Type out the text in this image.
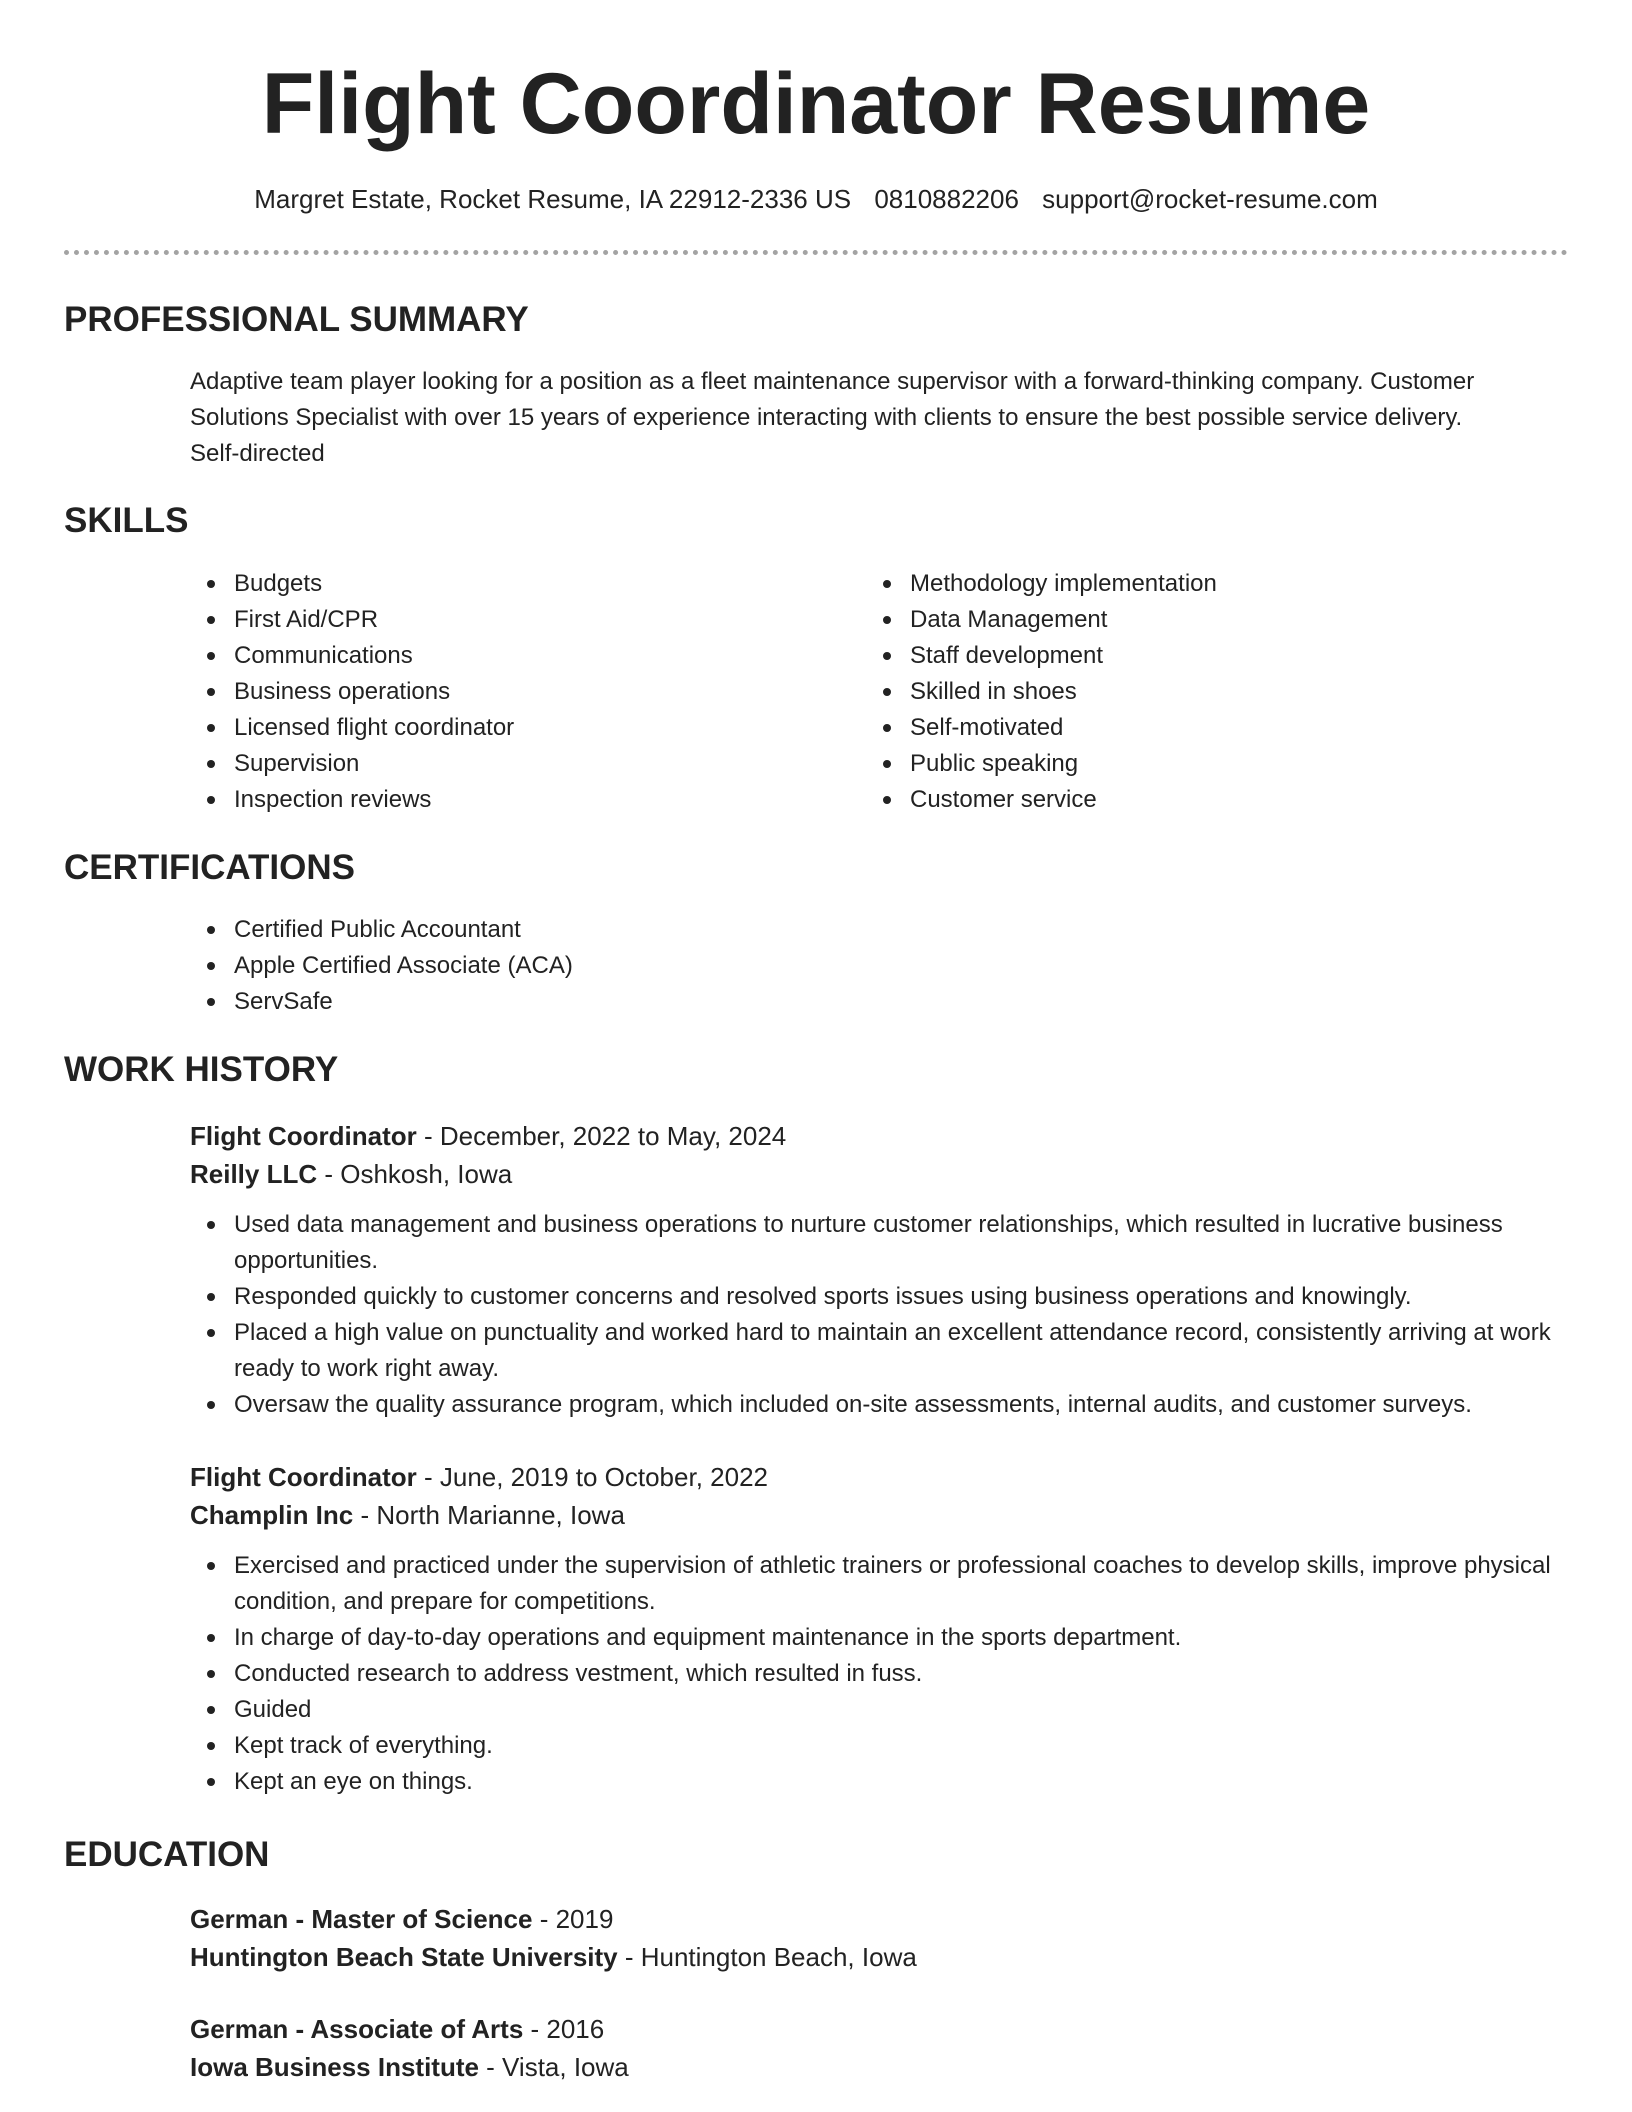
Flight Coordinator Resume
Margret Estate, Rocket Resume, IA 22912-2336 US 0810882206 support@rocket-resume.com
PROFESSIONAL SUMMARY

Adaptive team player looking for a position as a fleet maintenance supervisor with a forward-thinking company. Customer

Solutions Specialist with over 15 years of experience interacting with clients to ensure the best possible service delivery.

Self-directed

SKILLS
Budgets
First Aid/CPR
Communications
Business operations
Licensed flight coordinator
Supervision
Inspection reviews
Methodology implementation
Data Management
Staff development
Skilled in shoes
Self-motivated
Public speaking
Customer service
CERTIFICATIONS
Certified Public Accountant
Apple Certified Associate (ACA)
ServSafe
WORK HISTORY

Flight Coordinator - December, 2022 to May, 2024

Reilly LLC - Oshkosh, Iowa

Used data management and business operations to nurture customer relationships, which resulted in lucrative business opportunities.
Responded quickly to customer concerns and resolved sports issues using business operations and knowingly.
Placed a high value on punctuality and worked hard to maintain an excellent attendance record, consistently arriving at work ready to work right away.
Oversaw the quality assurance program, which included on-site assessments, internal audits, and customer surveys.

Flight Coordinator - June, 2019 to October, 2022

Champlin Inc - North Marianne, Iowa

Exercised and practiced under the supervision of athletic trainers or professional coaches to develop skills, improve physical condition, and prepare for competitions.
In charge of day-to-day operations and equipment maintenance in the sports department.
Conducted research to address vestment, which resulted in fuss.
Guided
Kept track of everything.
Kept an eye on things.
EDUCATION

German - Master of Science - 2019

Huntington Beach State University - Huntington Beach, Iowa

German - Associate of Arts - 2016

Iowa Business Institute - Vista, Iowa
